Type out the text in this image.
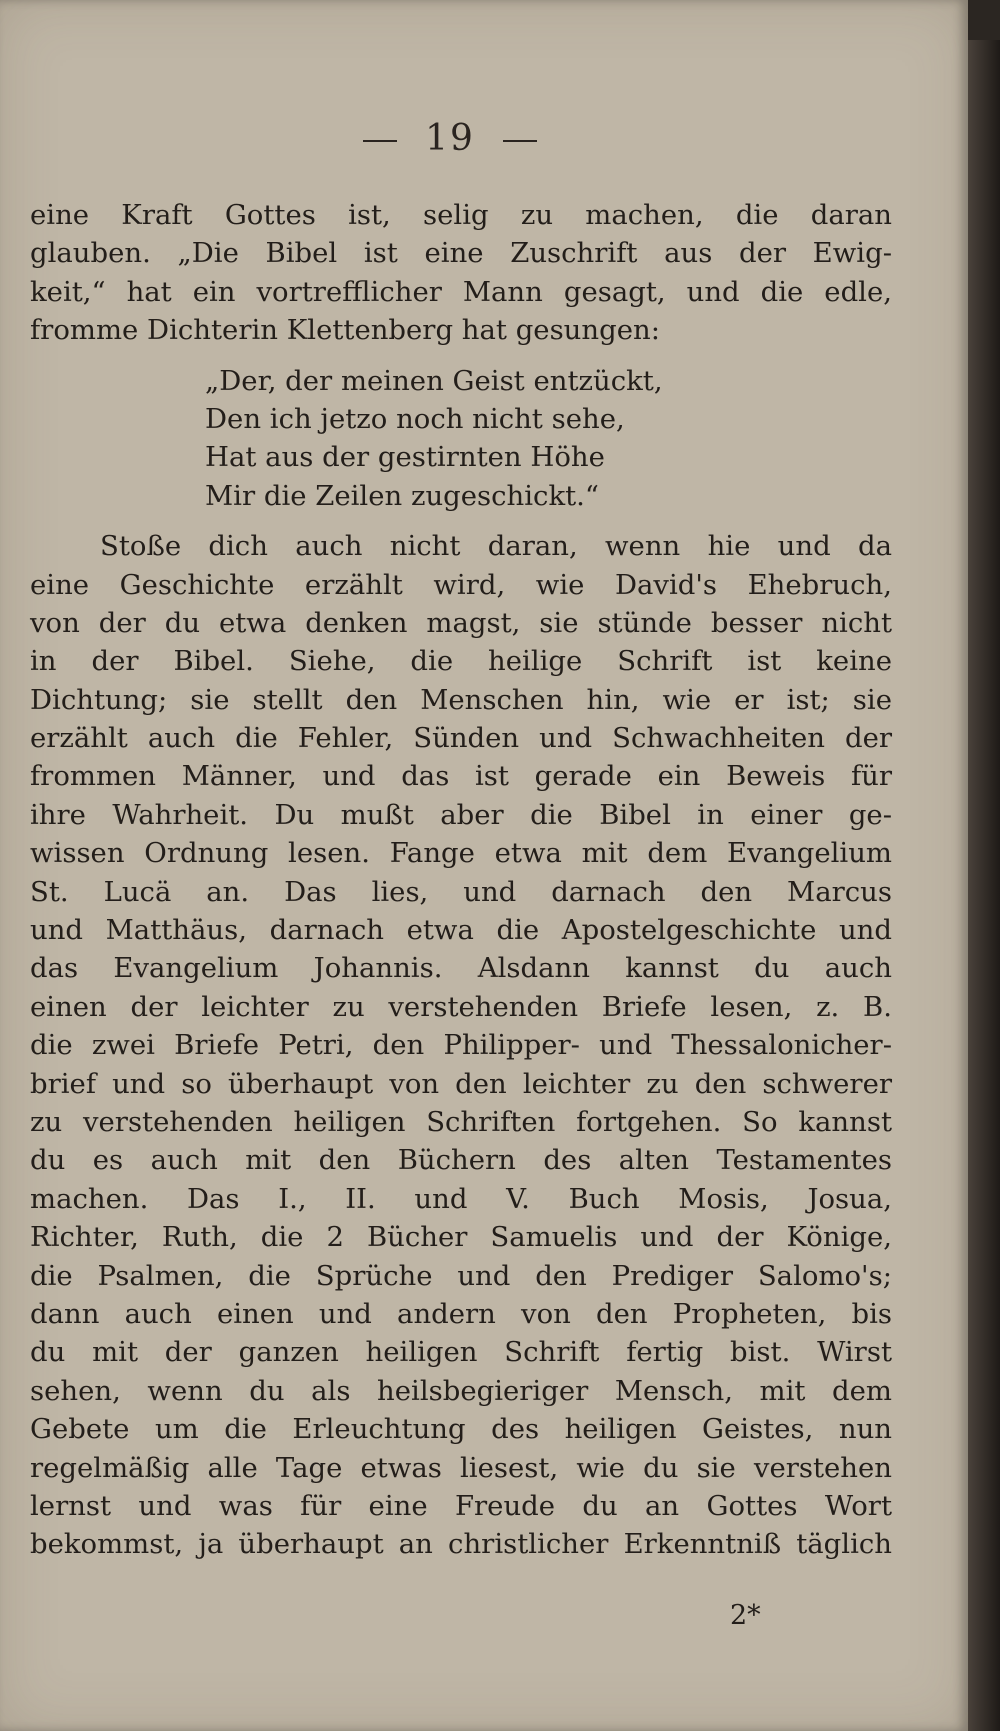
19
eine Kraft Gottes ist, selig zu machen, die daran
glauben. „Die Bibel ist eine Zuschrift aus der Ewig-
keit,“ hat ein vortrefflicher Mann gesagt, und die edle,
fromme Dichterin Klettenberg hat gesungen:
„Der, der meinen Geist entzückt,
Den ich jetzo noch nicht sehe,
Hat aus der gestirnten Höhe
Mir die Zeilen zugeschickt.“
Stoße dich auch nicht daran, wenn hie und da
eine Geschichte erzählt wird, wie David's Ehebruch,
von der du etwa denken magst, sie stünde besser nicht
in der Bibel. Siehe, die heilige Schrift ist keine
Dichtung; sie stellt den Menschen hin, wie er ist; sie
erzählt auch die Fehler, Sünden und Schwachheiten der
frommen Männer, und das ist gerade ein Beweis für
ihre Wahrheit. Du mußt aber die Bibel in einer ge-
wissen Ordnung lesen. Fange etwa mit dem Evangelium
St. Lucä an. Das lies, und darnach den Marcus
und Matthäus, darnach etwa die Apostelgeschichte und
das Evangelium Johannis. Alsdann kannst du auch
einen der leichter zu verstehenden Briefe lesen, z. B.
die zwei Briefe Petri, den Philipper- und Thessalonicher-
brief und so überhaupt von den leichter zu den schwerer
zu verstehenden heiligen Schriften fortgehen. So kannst
du es auch mit den Büchern des alten Testamentes
machen. Das I., II. und V. Buch Mosis, Josua,
Richter, Ruth, die 2 Bücher Samuelis und der Könige,
die Psalmen, die Sprüche und den Prediger Salomo's;
dann auch einen und andern von den Propheten, bis
du mit der ganzen heiligen Schrift fertig bist. Wirst
sehen, wenn du als heilsbegieriger Mensch, mit dem
Gebete um die Erleuchtung des heiligen Geistes, nun
regelmäßig alle Tage etwas liesest, wie du sie verstehen
lernst und was für eine Freude du an Gottes Wort
bekommst, ja überhaupt an christlicher Erkenntniß täglich
2*
